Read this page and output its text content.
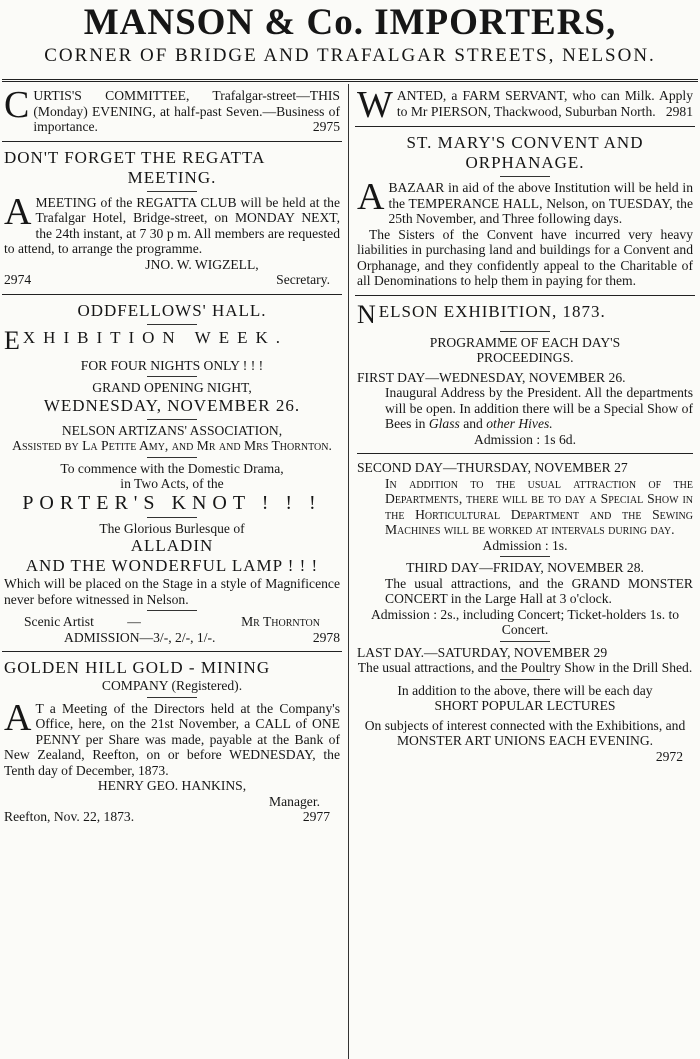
MANSON & Co. IMPORTERS,
CORNER OF BRIDGE AND TRAFALGAR STREETS, NELSON.
C URTIS'S COMMITTEE, Trafalgar-street—THIS (Monday) EVENING, at half-past Seven.—Business of importance.	2975
DON'T FORGET THE REGATTA
MEETING.
A MEETING of the REGATTA CLUB will be held at the Trafalgar Hotel, Bridge-street, on MONDAY NEXT, the 24th instant, at 7 30 p m. All members are requested to attend, to arrange the programme.
JNO. W. WIGZELL,
2974	Secretary.
ODDFELLOWS' HALL.
E XHIBITION WEEK.
FOR FOUR NIGHTS ONLY ! ! !
GRAND OPENING NIGHT,
WEDNESDAY, NOVEMBER 26.
NELSON ARTIZANS' ASSOCIATION,
Assisted by La Petite Amy, and Mr and Mrs Thornton.
To commence with the Domestic Drama,
in Two Acts, of the
PORTER'S KNOT ! ! !
The Glorious Burlesque of
ALLADIN
AND THE WONDERFUL LAMP ! ! !
Which will be placed on the Stage in a style of Magnificence never before witnessed in Nelson.
Scenic Artist —	Mr Thornton
ADMISSION—3/-, 2/-, 1/-.	2978
GOLDEN HILL GOLD - MINING
COMPANY (Registered).
A T a Meeting of the Directors held at the Company's Office, here, on the 21st November, a CALL of ONE PENNY per Share was made, payable at the Bank of New Zealand, Reefton, on or before WEDNESDAY, the Tenth day of December, 1873.
HENRY GEO. HANKINS,
Manager.
Reefton, Nov. 22, 1873.	2977
W ANTED, a FARM SERVANT, who can Milk. Apply to Mr PIERSON, Thackwood, Suburban North. 2981
ST. MARY'S CONVENT AND
ORPHANAGE.
A BAZAAR in aid of the above Institution will be held in the TEMPERANCE HALL, Nelson, on TUESDAY, the 25th November, and Three following days.
The Sisters of the Convent have incurred very heavy liabilities in purchasing land and buildings for a Convent and Orphanage, and they confidently appeal to the Charitable of all Denominations to help them in paying for them.
N ELSON EXHIBITION, 1873.
PROGRAMME OF EACH DAY'S
PROCEEDINGS.
FIRST DAY—WEDNESDAY, NOVEMBER 26.
Inaugural Address by the President. All the departments will be open. In addition there will be a Special Show of Bees in Glass and other Hives.
Admission : 1s 6d.
SECOND DAY—THURSDAY, NOVEMBER 27
In addition to the usual attraction of the Departments, there will be to day a Special Show in the Horticultural Department and the Sewing Machines will be worked at intervals during day.
Admission : 1s.
THIRD DAY—FRIDAY, NOVEMBER 28.
The usual attractions, and the GRAND MONSTER CONCERT in the Large Hall at 3 o'clock.
Admission : 2s., including Concert; Ticket-holders 1s. to Concert.
LAST DAY.—SATURDAY, NOVEMBER 29
The usual attractions, and the Poultry Show in the Drill Shed.
In addition to the above, there will be each day
SHORT POPULAR LECTURES
On subjects of interest connected with the Exhibitions, and
MONSTER ART UNIONS EACH EVENING.
2972
